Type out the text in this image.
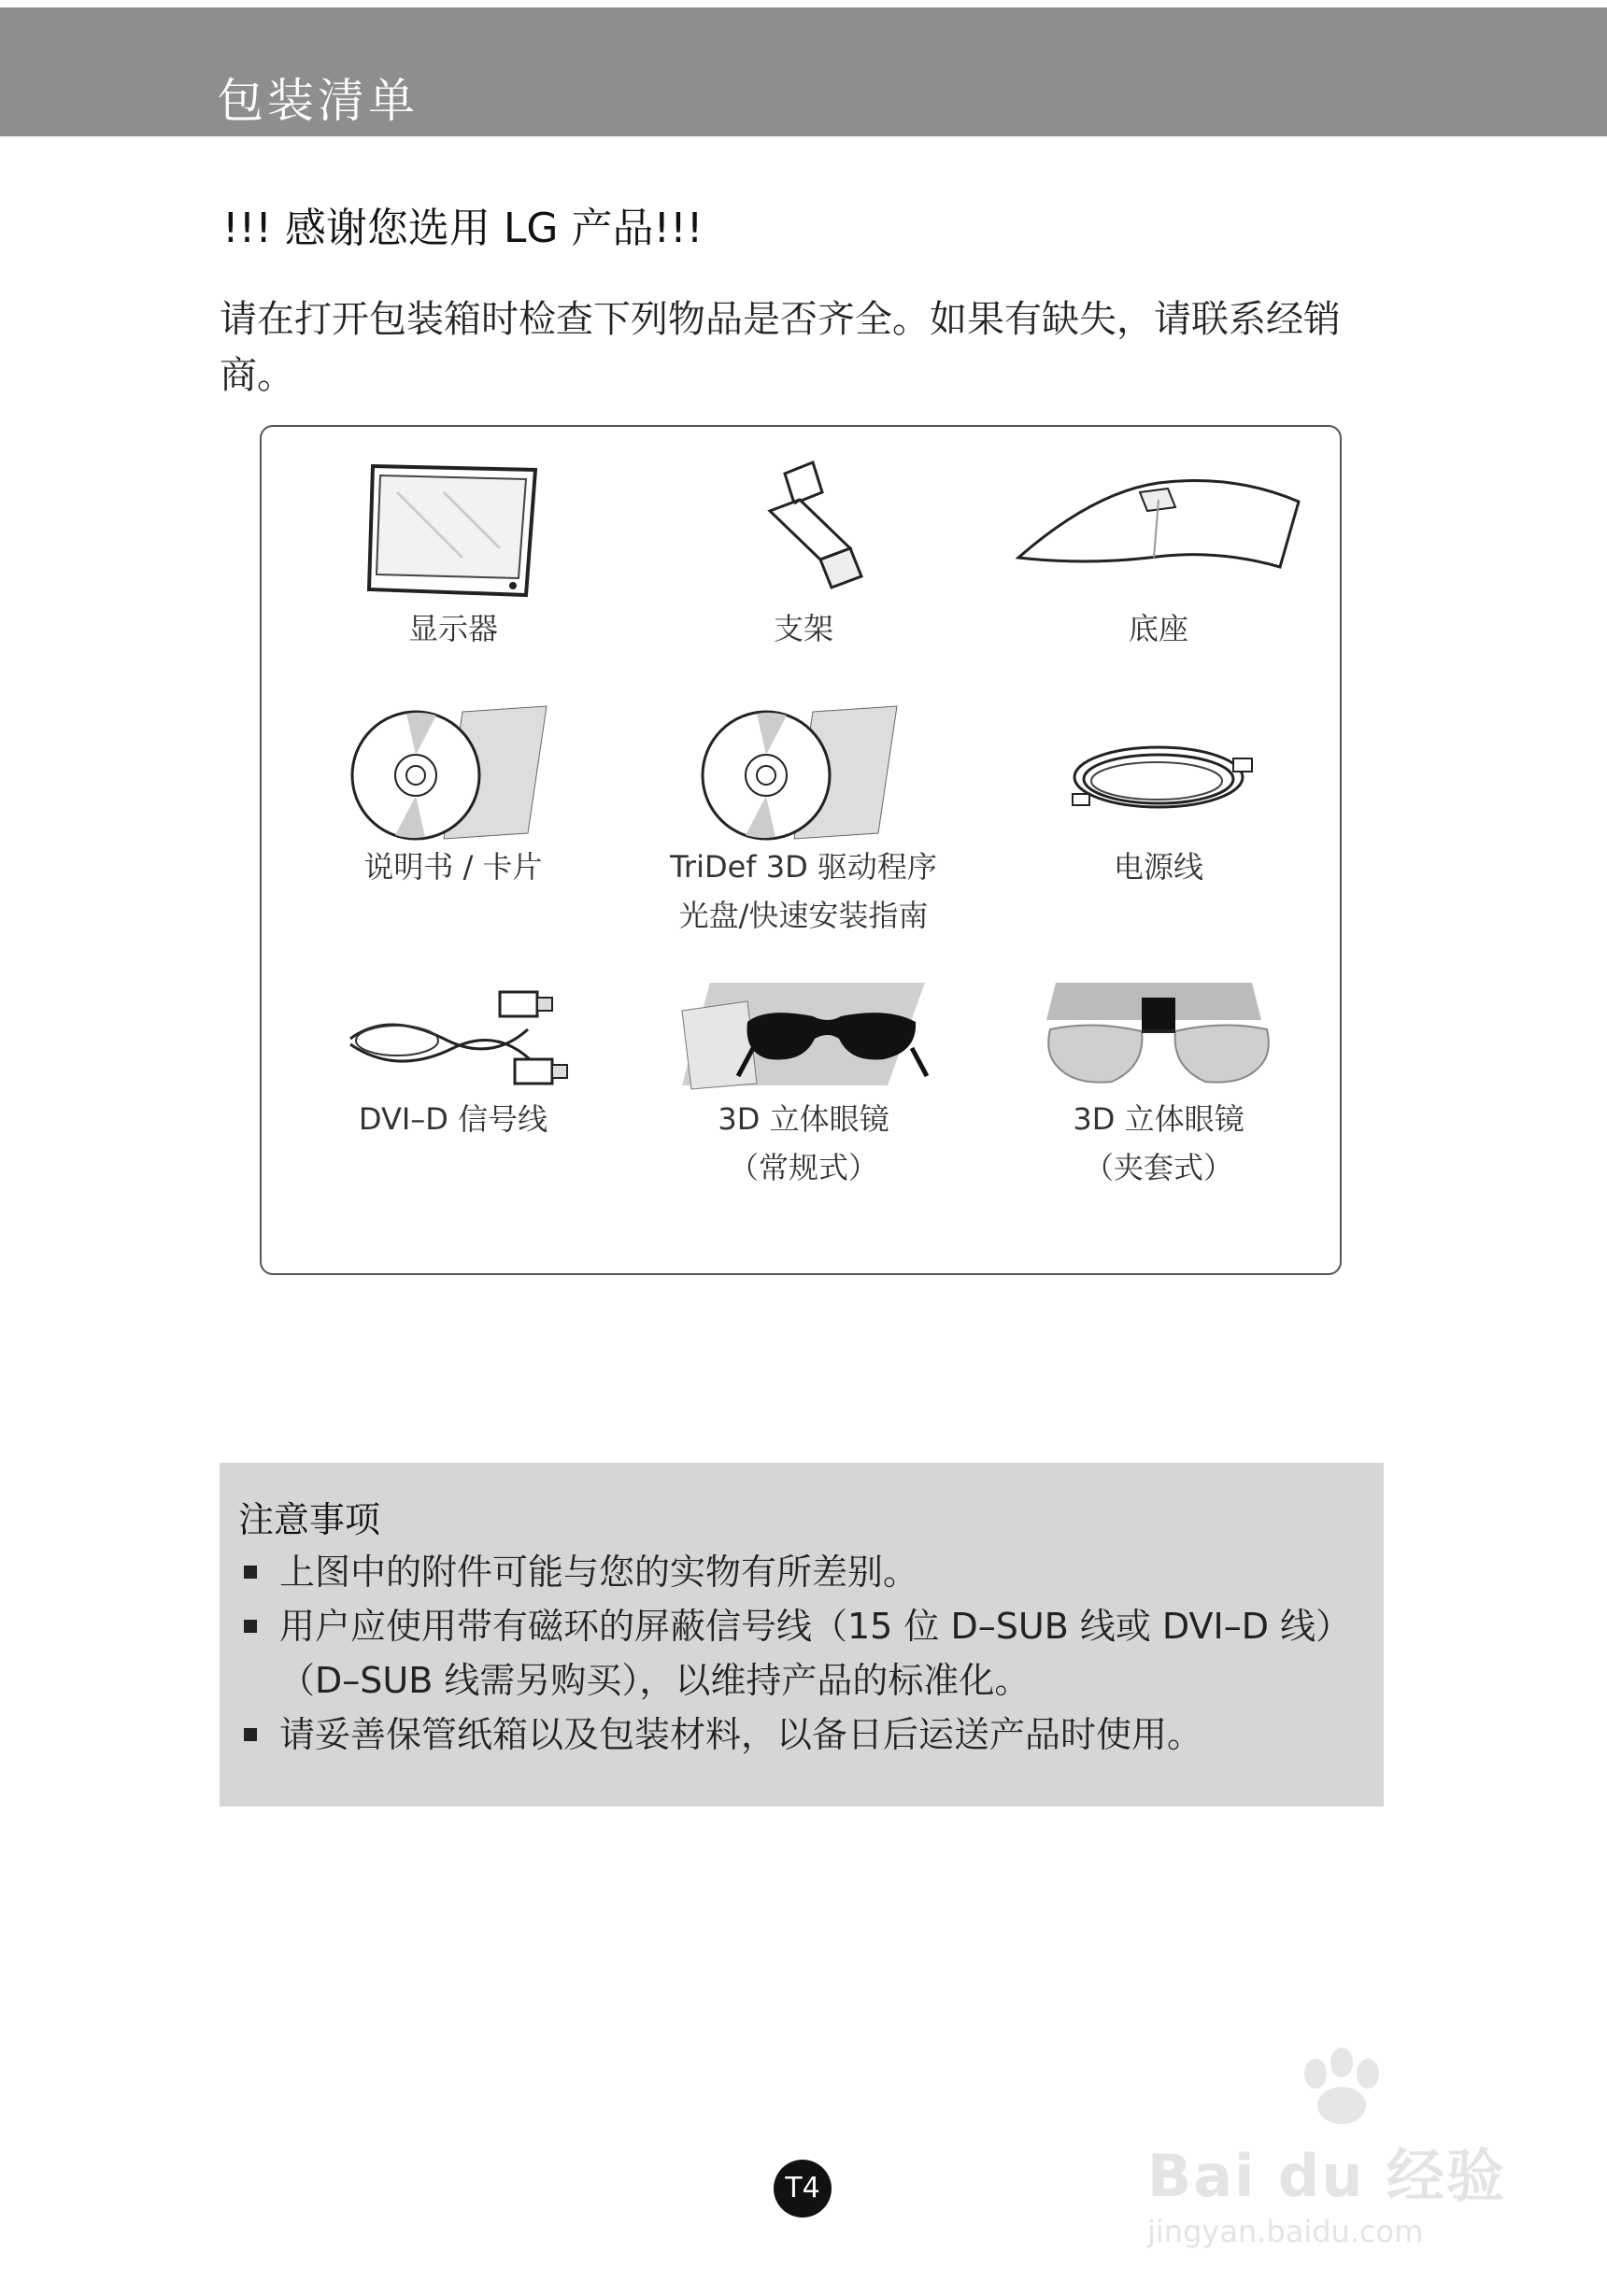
包装清单
!!! 感谢您选用 LG 产品!!!
请在打开包装箱时检查下列物品是否齐全。如果有缺失，请联系经销商。
显示器	支架	底座
说明书 / 卡片	TriDef 3D 驱动程序
光盘/快速安装指南
电源线
DVI–D 信号线	3D 立体眼镜
（常规式）
3D 立体眼镜
（夹套式）
注意事项
上图中的附件可能与您的实物有所差别。
用户应使用带有磁环的屏蔽信号线（15 位 D–SUB 线或 DVI–D 线）（D–SUB 线需另购买），以维持产品的标准化。
请妥善保管纸箱以及包装材料，以备日后运送产品时使用。
T4	Bai du 经验
jingyan.baidu.com
